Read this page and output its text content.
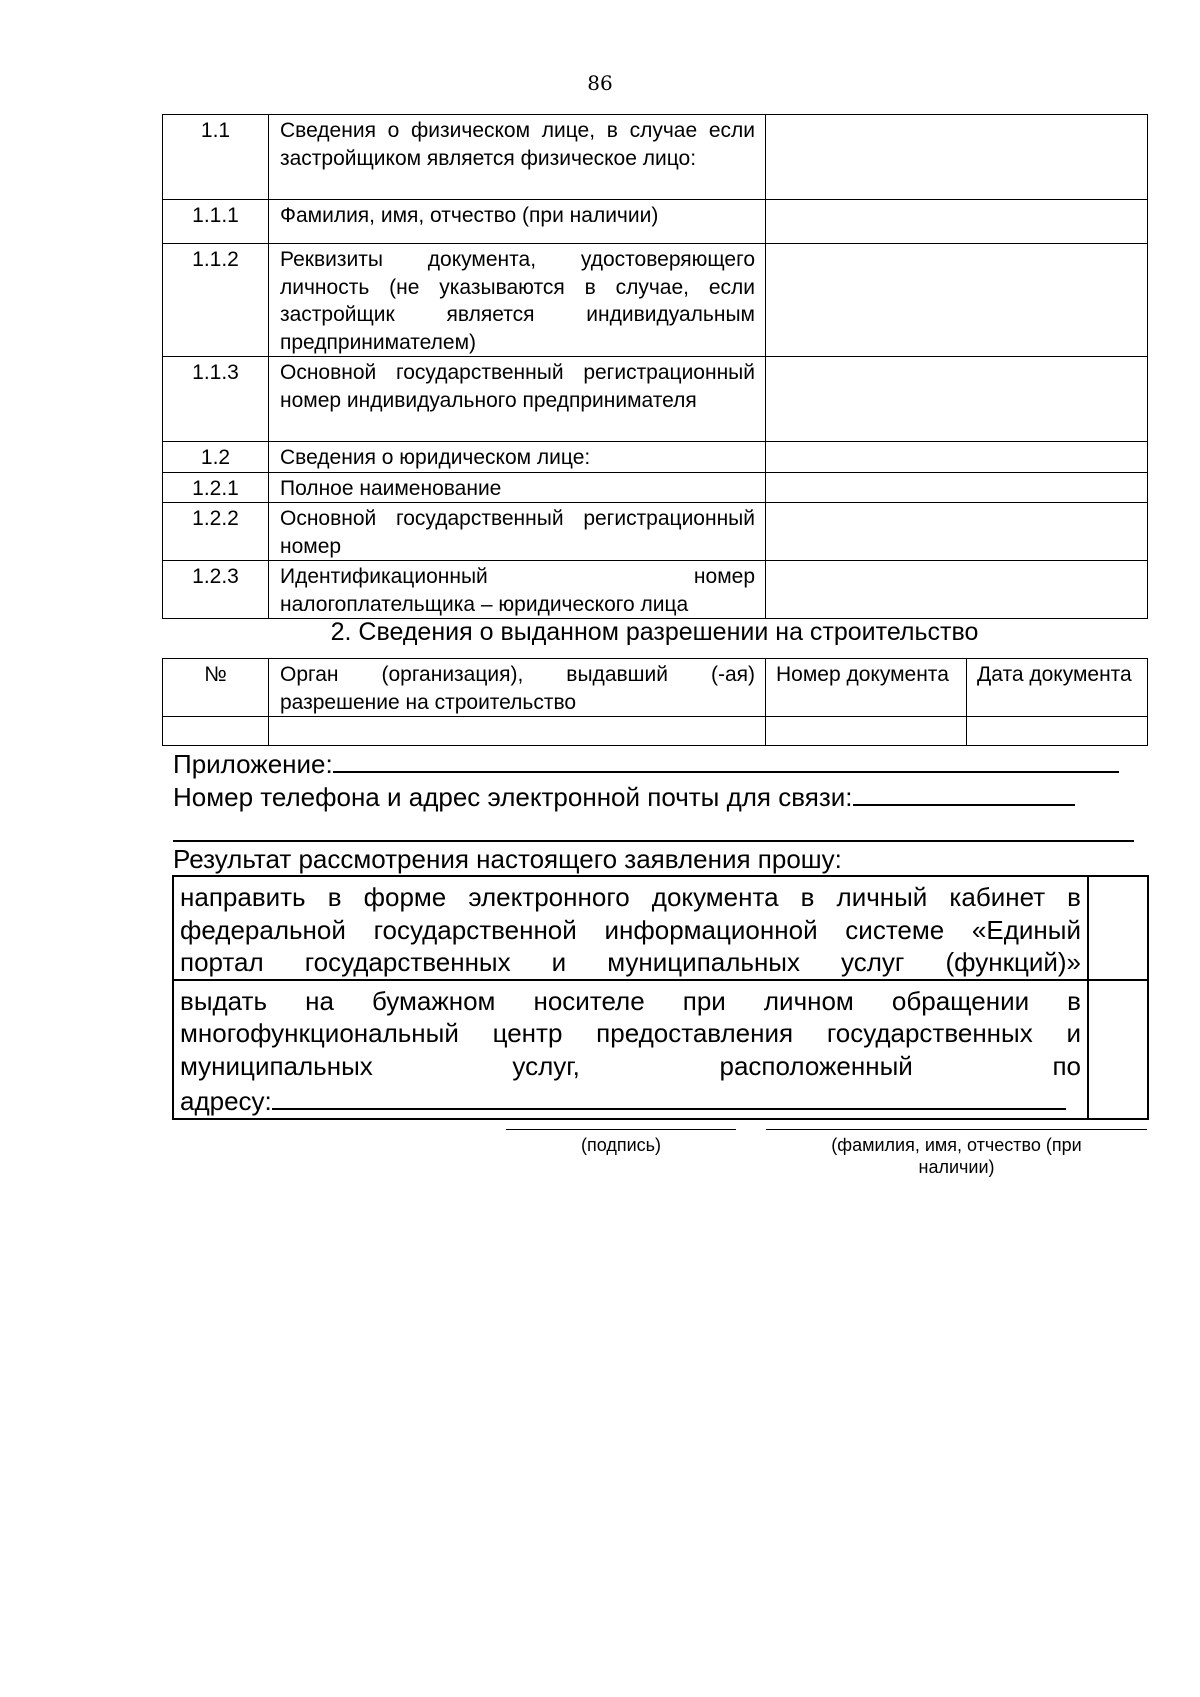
86
1.1	Сведения о физическом лице, в случае если застройщиком является физическое лицо:	
1.1.1	Фамилия, имя, отчество (при наличии)	
1.1.2	Реквизиты документа, удостоверяющего личность (не указываются в случае, если застройщик является индивидуальным предпринимателем)	
1.1.3	Основной государственный регистрационный номер индивидуального предпринимателя	
1.2	Сведения о юридическом лице:	
1.2.1	Полное наименование	
1.2.2	Основной государственный регистрационный номер	
1.2.3	Идентификационный номер налогоплательщика – юридического лица	
2. Сведения о выданном разрешении на строительство
№	Орган (организация), выдавший (-ая) разрешение на строительство	Номер документа	Дата документа

Приложение:
Номер телефона и адрес электронной почты для связи:
Результат рассмотрения настоящего заявления прошу:
направить в форме электронного документа в личный кабинет в федеральной государственной информационной системе «Единый портал государственных и муниципальных услуг (функций)»	
выдать на бумажном носителе при личном обращении в многофункциональный центр предоставления государственных и муниципальных услуг, расположенный по
адресу:	

(подпись)	(фамилия, имя, отчество (при
наличии)
